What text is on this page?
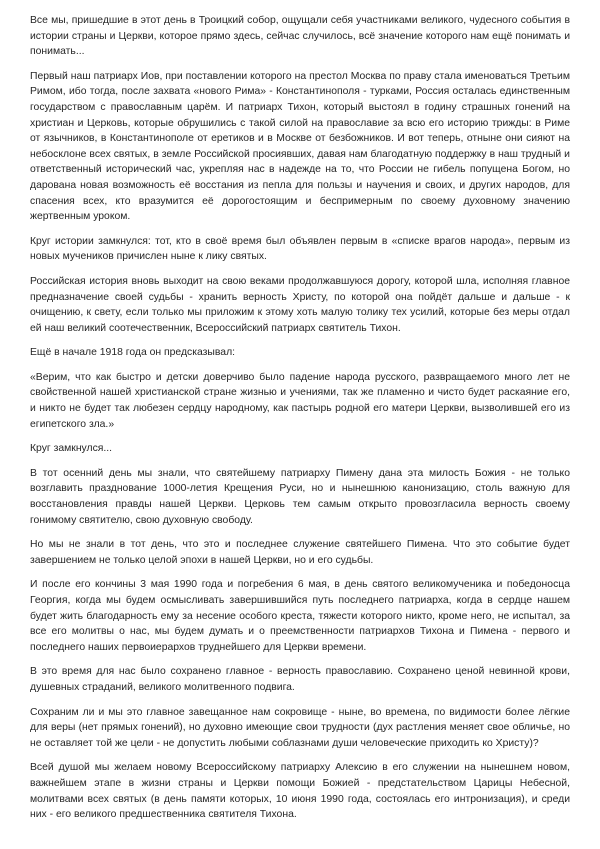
Все мы, пришедшие в этот день в Троицкий собор, ощущали себя участниками великого, чудесного события в истории страны и Церкви, которое прямо здесь, сейчас случилось, всё значение которого нам ещё понимать и понимать...

Первый наш патриарх Иов, при поставлении которого на престол Москва по праву стала именоваться Третьим Римом, ибо тогда, после захвата «нового Рима» - Константинополя - турками, Россия осталась единственным государством с православным царём. И патриарх Тихон, который выстоял в годину страшных гонений на христиан и Церковь, которые обрушились с такой силой на православие за всю его историю трижды: в Риме от язычников, в Константинополе от еретиков и в Москве от безбожников. И вот теперь, отныне они сияют на небосклоне всех святых, в земле Российской просиявших, давая нам благодатную поддержку в наш трудный и ответственный исторический час, укрепляя нас в надежде на то, что России не гибель попущена Богом, но дарована новая возможность её восстания из пепла для пользы и научения и своих, и других народов, для спасения всех, кто вразумится её дорогостоящим и беспримерным по своему духовному значению жертвенным уроком.

Круг истории замкнулся: тот, кто в своё время был объявлен первым в «списке врагов народа», первым из новых мучеников причислен ныне к лику святых.

Российская история вновь выходит на свою веками продолжавшуюся дорогу, которой шла, исполняя главное предназначение своей судьбы - хранить верность Христу, по которой она пойдёт дальше и дальше - к очищению, к свету, если только мы приложим к этому хоть малую толику тех усилий, которые без меры отдал ей наш великий соотечественник, Всероссийский патриарх святитель Тихон.

Ещё в начале 1918 года он предсказывал:

«Верим, что как быстро и детски доверчиво было падение народа русского, развращаемого много лет не свойственной нашей христианской стране жизнью и учениями, так же пламенно и чисто будет раскаяние его, и никто не будет так любезен сердцу народному, как пастырь родной его матери Церкви, вызволившей его из египетского зла.»

Круг замкнулся...

В тот осенний день мы знали, что святейшему патриарху Пимену дана эта милость Божия - не только возглавить празднование 1000-летия Крещения Руси, но и нынешнюю канонизацию, столь важную для восстановления правды нашей Церкви. Церковь тем самым открыто провозгласила верность своему гонимому святителю, свою духовную свободу.

Но мы не знали в тот день, что это и последнее служение святейшего Пимена. Что это событие будет завершением не только целой эпохи в нашей Церкви, но и его судьбы.

И после его кончины 3 мая 1990 года и погребения 6 мая, в день святого великомученика и победоносца Георгия, когда мы будем осмысливать завершившийся путь последнего патриарха, когда в сердце нашем будет жить благодарность ему за несение особого креста, тяжести которого никто, кроме него, не испытал, за все его молитвы о нас, мы будем думать и о преемственности патриархов Тихона и Пимена - первого и последнего наших первоиерархов труднейшего для Церкви времени.

В это время для нас было сохранено главное - верность православию. Сохранено ценой невинной крови, душевных страданий, великого молитвенного подвига.

Сохраним ли и мы это главное завещанное нам сокровище - ныне, во времена, по видимости более лёгкие для веры (нет прямых гонений), но духовно имеющие свои трудности (дух растления меняет свое обличье, но не оставляет той же цели - не допустить любыми соблазнами души человеческие приходить ко Христу)?

Всей душой мы желаем новому Всероссийскому патриарху Алексию в его служении на нынешнем новом, важнейшем этапе в жизни страны и Церкви помощи Божией - предстательством Царицы Небесной, молитвами всех святых (в день памяти которых, 10 июня 1990 года, состоялась его интронизация), и среди них - его великого предшественника святителя Тихона.
